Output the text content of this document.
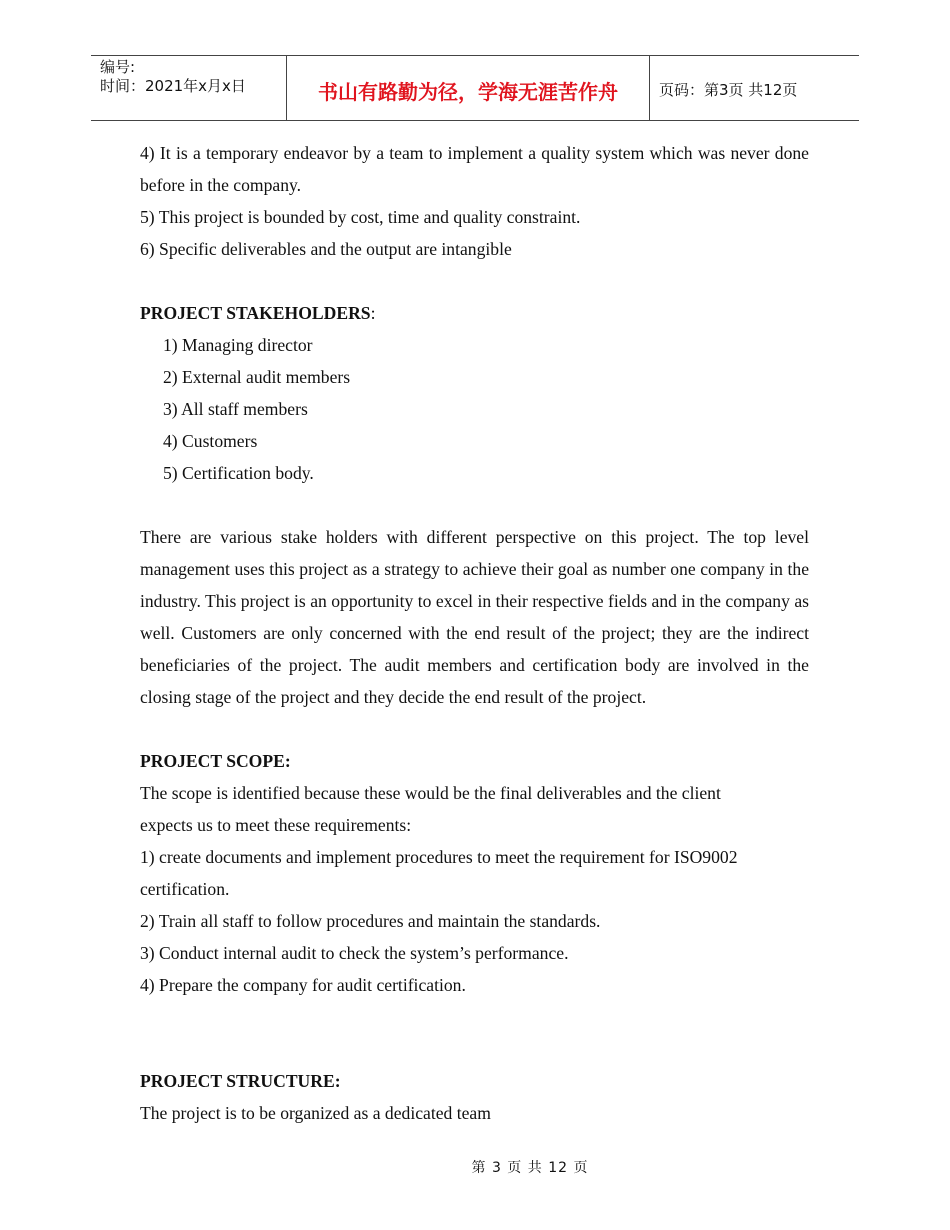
编号:
时间：2021年x月x日	书山有路勤为径，学海无涯苦作舟	页码：第3页 共12页

4) It is a temporary endeavor by a team to implement a quality system which was never done before in the company.

5) This project is bounded by cost, time and quality constraint.

6) Specific deliverables and the output are intangible

PROJECT STAKEHOLDERS:

1) Managing director

2) External audit members

3) All staff members

4) Customers

5) Certification body.

There are various stake holders with different perspective on this project. The top level management uses this project as a strategy to achieve their goal as number one company in the industry. This project is an opportunity to excel in their respective fields and in the company as well. Customers are only concerned with the end result of the project; they are the indirect beneficiaries of the project. The audit members and certification body are involved in the closing stage of the project and they decide the end result of the project.

PROJECT SCOPE:

The scope is identified because these would be the final deliverables and the client

expects us to meet these requirements:

1) create documents and implement procedures to meet the requirement for ISO9002 certification.

2) Train all staff to follow procedures and maintain the standards.

3) Conduct internal audit to check the system’s performance.

4) Prepare the company for audit certification.

PROJECT STRUCTURE:

The project is to be organized as a dedicated team

第 3 页 共 12 页
